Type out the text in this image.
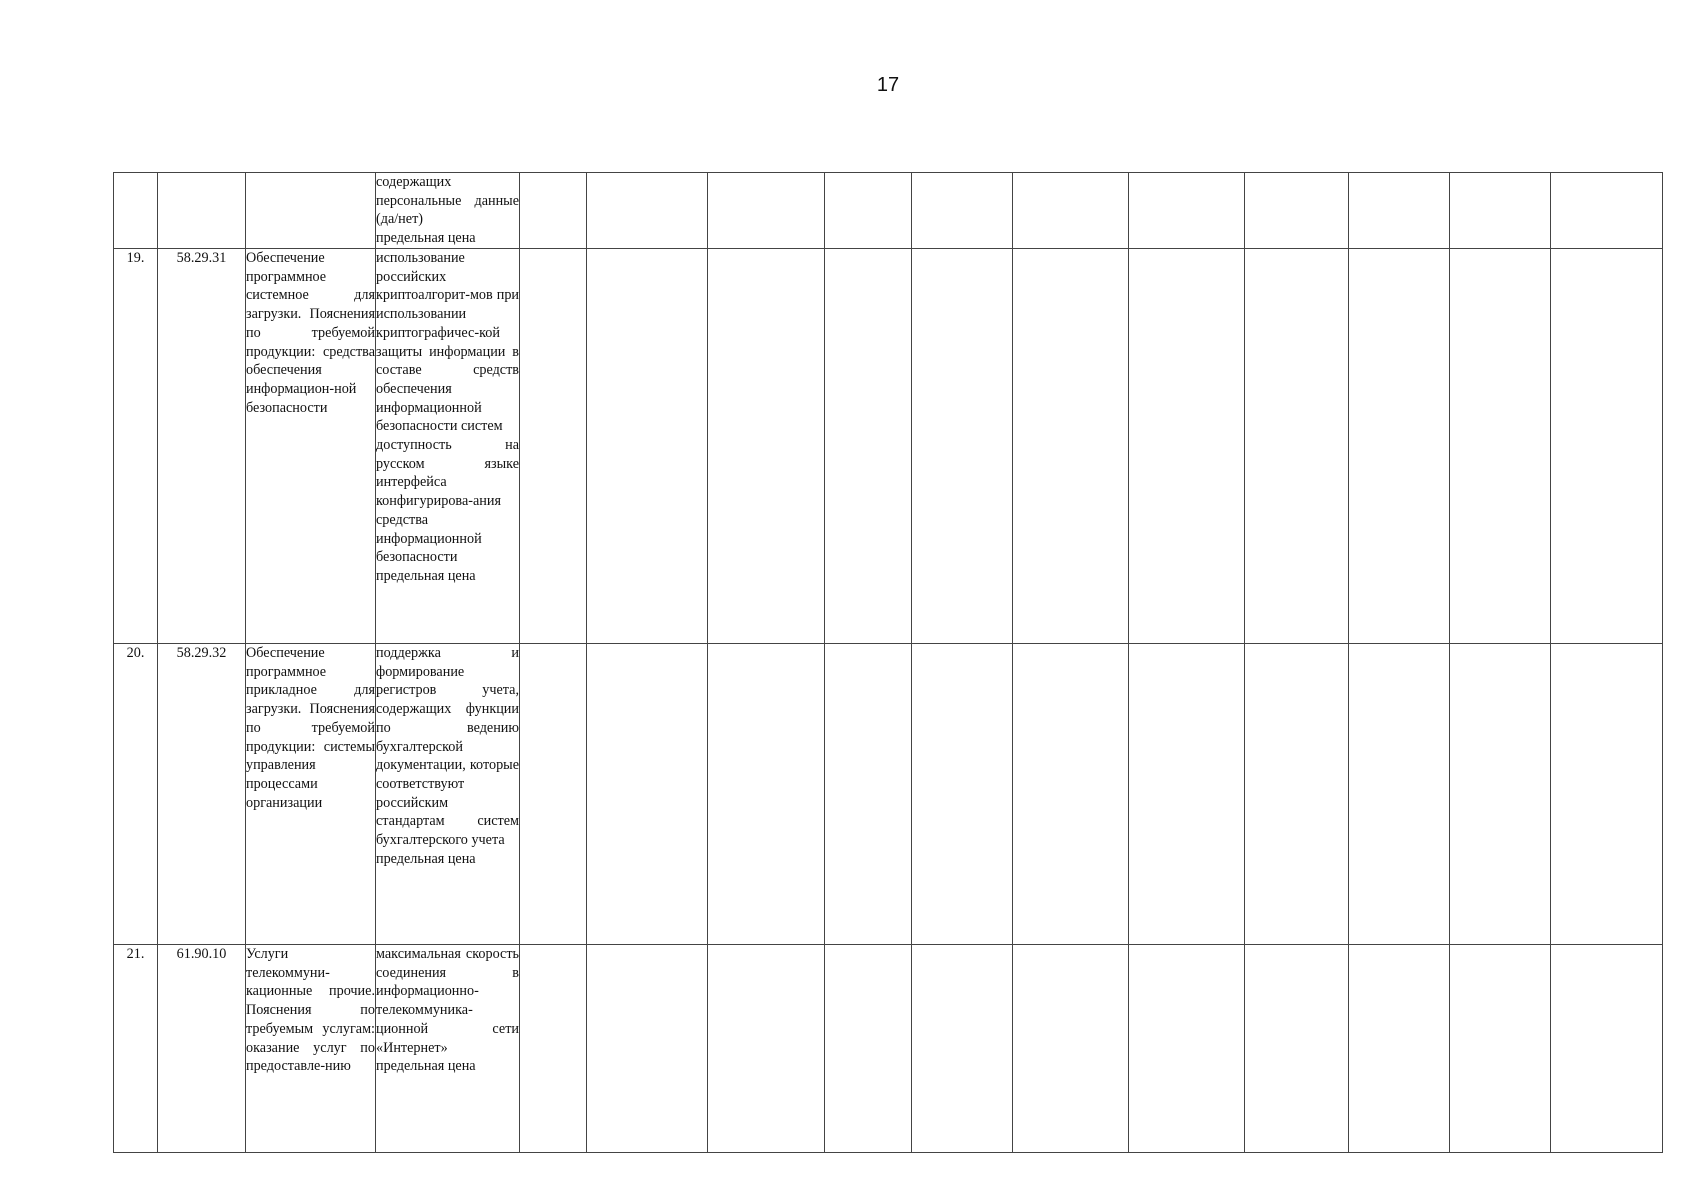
17

			содержащих персональные данные (да/нет)
предельная цена											

19.	58.29.31	Обеспечение программное системное для загрузки. Пояснения по требуемой продукции: средства обеспечения информацион-ной безопасности	использование российских криптоалгорит-мов при использовании криптографичес-кой защиты информации в составе средств обеспечения информационной безопасности систем
доступность на русском языке интерфейса конфигурирова-ания средства информационной безопасности
предельная цена											

20.	58.29.32	Обеспечение программное прикладное для загрузки. Пояснения по требуемой продукции: системы управления процессами организации	поддержка и формирование регистров учета, содержащих функции по ведению бухгалтерской документации, которые соответствуют российским стандартам систем бухгалтерского учета
предельная цена											

21.	61.90.10	Услуги телекоммуни-кационные прочие. Пояснения по требуемым услугам: оказание услуг по предоставле-нию	максимальная скорость соединения в информационно-телекоммуника-ционной сети «Интернет»
предельная цена											
